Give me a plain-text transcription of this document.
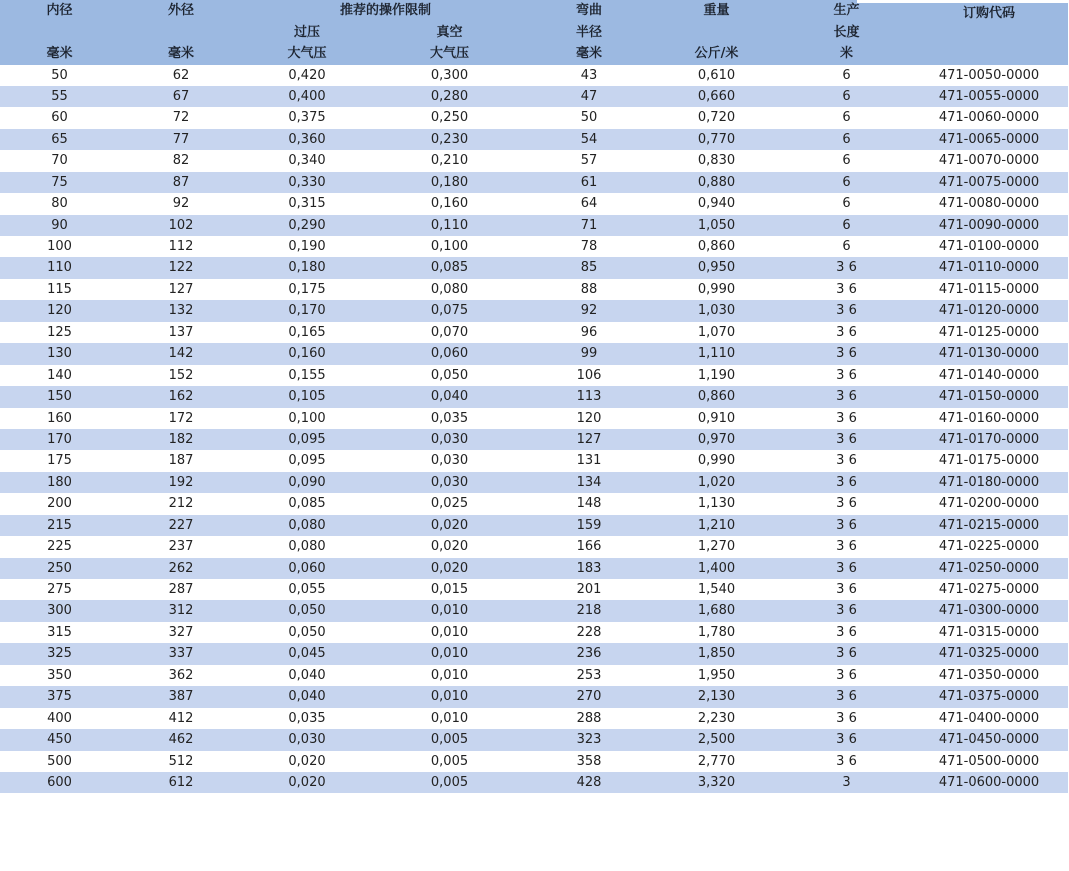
内径	外径	推荐的操作限制		弯曲	重量	生产	订购代码
		过压	真空	半径		长度	
毫米	毫米	大气压	大气压	毫米	公斤/米	米	
50	62	0,420	0,300	43	0,610	6	471-0050-0000
55	67	0,400	0,280	47	0,660	6	471-0055-0000
60	72	0,375	0,250	50	0,720	6	471-0060-0000
65	77	0,360	0,230	54	0,770	6	471-0065-0000
70	82	0,340	0,210	57	0,830	6	471-0070-0000
75	87	0,330	0,180	61	0,880	6	471-0075-0000
80	92	0,315	0,160	64	0,940	6	471-0080-0000
90	102	0,290	0,110	71	1,050	6	471-0090-0000
100	112	0,190	0,100	78	0,860	6	471-0100-0000
110	122	0,180	0,085	85	0,950	3 6	471-0110-0000
115	127	0,175	0,080	88	0,990	3 6	471-0115-0000
120	132	0,170	0,075	92	1,030	3 6	471-0120-0000
125	137	0,165	0,070	96	1,070	3 6	471-0125-0000
130	142	0,160	0,060	99	1,110	3 6	471-0130-0000
140	152	0,155	0,050	106	1,190	3 6	471-0140-0000
150	162	0,105	0,040	113	0,860	3 6	471-0150-0000
160	172	0,100	0,035	120	0,910	3 6	471-0160-0000
170	182	0,095	0,030	127	0,970	3 6	471-0170-0000
175	187	0,095	0,030	131	0,990	3 6	471-0175-0000
180	192	0,090	0,030	134	1,020	3 6	471-0180-0000
200	212	0,085	0,025	148	1,130	3 6	471-0200-0000
215	227	0,080	0,020	159	1,210	3 6	471-0215-0000
225	237	0,080	0,020	166	1,270	3 6	471-0225-0000
250	262	0,060	0,020	183	1,400	3 6	471-0250-0000
275	287	0,055	0,015	201	1,540	3 6	471-0275-0000
300	312	0,050	0,010	218	1,680	3 6	471-0300-0000
315	327	0,050	0,010	228	1,780	3 6	471-0315-0000
325	337	0,045	0,010	236	1,850	3 6	471-0325-0000
350	362	0,040	0,010	253	1,950	3 6	471-0350-0000
375	387	0,040	0,010	270	2,130	3 6	471-0375-0000
400	412	0,035	0,010	288	2,230	3 6	471-0400-0000
450	462	0,030	0,005	323	2,500	3 6	471-0450-0000
500	512	0,020	0,005	358	2,770	3 6	471-0500-0000
600	612	0,020	0,005	428	3,320	3	471-0600-0000
